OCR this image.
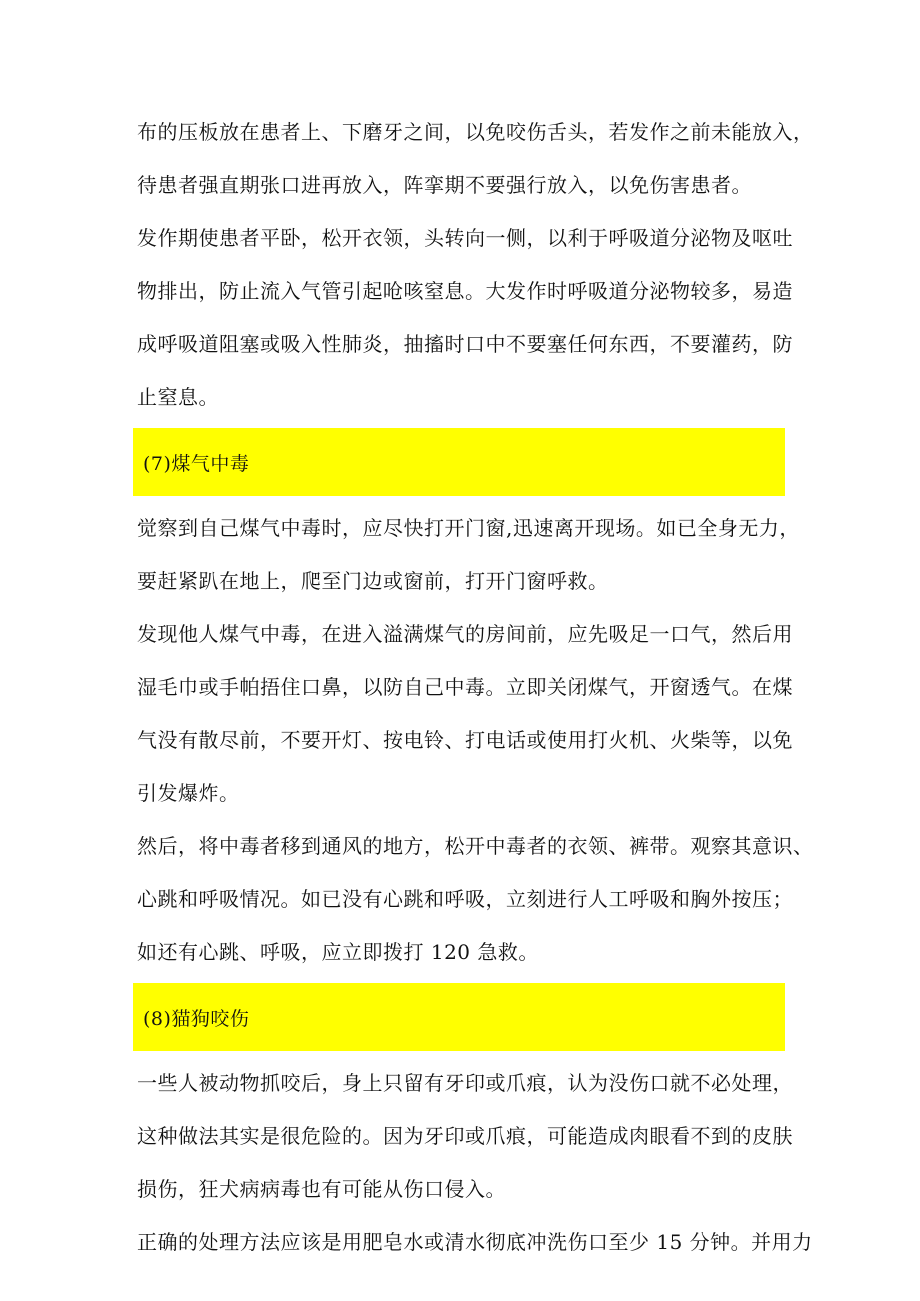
布的压板放在患者上、下磨牙之间，以免咬伤舌头，若发作之前未能放入，
待患者强直期张口进再放入，阵挛期不要强行放入，以免伤害患者。

发作期使患者平卧，松开衣领，头转向一侧，以利于呼吸道分泌物及呕吐
物排出，防止流入气管引起呛咳窒息。大发作时呼吸道分泌物较多，易造
成呼吸道阻塞或吸入性肺炎，抽搐时口中不要塞任何东西，不要灌药，防
止窒息。

(7)煤气中毒

觉察到自己煤气中毒时，应尽快打开门窗,迅速离开现场。如已全身无力，
要赶紧趴在地上，爬至门边或窗前，打开门窗呼救。

发现他人煤气中毒，在进入溢满煤气的房间前，应先吸足一口气，然后用
湿毛巾或手帕捂住口鼻，以防自己中毒。立即关闭煤气，开窗透气。在煤
气没有散尽前，不要开灯、按电铃、打电话或使用打火机、火柴等，以免
引发爆炸。

然后，将中毒者移到通风的地方，松开中毒者的衣领、裤带。观察其意识、
心跳和呼吸情况。如已没有心跳和呼吸，立刻进行人工呼吸和胸外按压；
如还有心跳、呼吸，应立即拨打 120 急救。

(8)猫狗咬伤

一些人被动物抓咬后，身上只留有牙印或爪痕，认为没伤口就不必处理，
这种做法其实是很危险的。因为牙印或爪痕，可能造成肉眼看不到的皮肤
损伤，狂犬病病毒也有可能从伤口侵入。

正确的处理方法应该是用肥皂水或清水彻底冲洗伤口至少 15 分钟。并用力
